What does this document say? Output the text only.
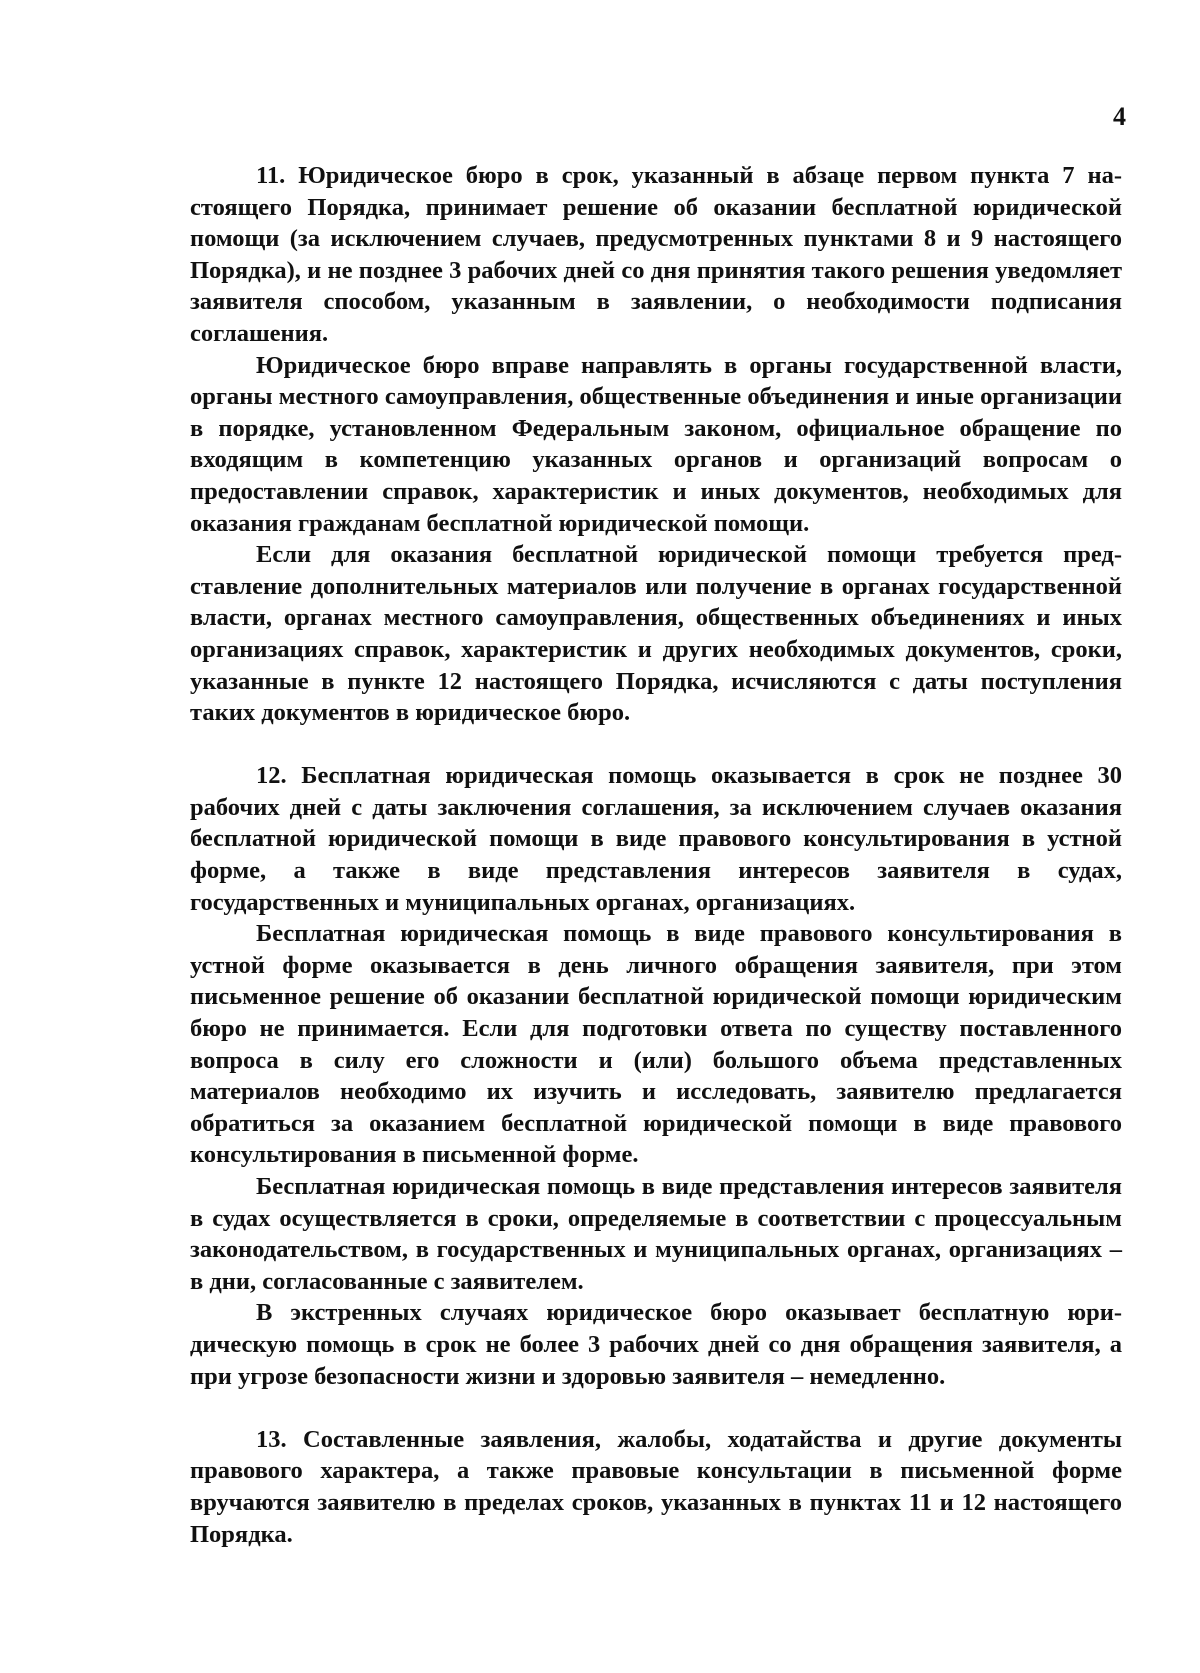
4

11. Юридическое бюро в срок, указанный в абзаце первом пункта 7 настоящего Порядка, принимает решение об оказании бесплатной юридической помощи (за исключением случаев, предусмотренных пунктами 8 и 9 настоящего Порядка), и не позднее 3 рабочих дней со дня принятия такого решения уведомляет заявителя способом, указанным в заявлении, о необходимости подписания соглашения.

Юридическое бюро вправе направлять в органы государственной власти, органы местного самоуправления, общественные объединения и иные организации в порядке, установленном Федеральным законом, официальное обращение по входящим в компетенцию указанных органов и организаций вопросам о предоставлении справок, характеристик и иных документов, необходимых для оказания гражданам бесплатной юридической помощи.

Если для оказания бесплатной юридической помощи требуется представление дополнительных материалов или получение в органах государственной власти, органах местного самоуправления, общественных объединениях и иных организациях справок, характеристик и других необходимых документов, сроки, указанные в пункте 12 настоящего Порядка, исчисляются с даты поступления таких документов в юридическое бюро.

12. Бесплатная юридическая помощь оказывается в срок не позднее 30 рабочих дней с даты заключения соглашения, за исключением случаев оказания бесплатной юридической помощи в виде правового консультирования в устной форме, а также в виде представления интересов заявителя в судах, государственных и муниципальных органах, организациях.

Бесплатная юридическая помощь в виде правового консультирования в устной форме оказывается в день личного обращения заявителя, при этом письменное решение об оказании бесплатной юридической помощи юридическим бюро не принимается. Если для подготовки ответа по существу поставленного вопроса в силу его сложности и (или) большого объема представленных материалов необходимо их изучить и исследовать, заявителю предлагается обратиться за оказанием бесплатной юридической помощи в виде правового консультирования в письменной форме.

Бесплатная юридическая помощь в виде представления интересов заявителя в судах осуществляется в сроки, определяемые в соответствии с процессуальным законодательством, в государственных и муниципальных органах, организациях – в дни, согласованные с заявителем.

В экстренных случаях юридическое бюро оказывает бесплатную юридическую помощь в срок не более 3 рабочих дней со дня обращения заявителя, а при угрозе безопасности жизни и здоровью заявителя – немедленно.

13. Составленные заявления, жалобы, ходатайства и другие документы правового характера, а также правовые консультации в письменной форме вручаются заявителю в пределах сроков, указанных в пунктах 11 и 12 настоящего Порядка.
